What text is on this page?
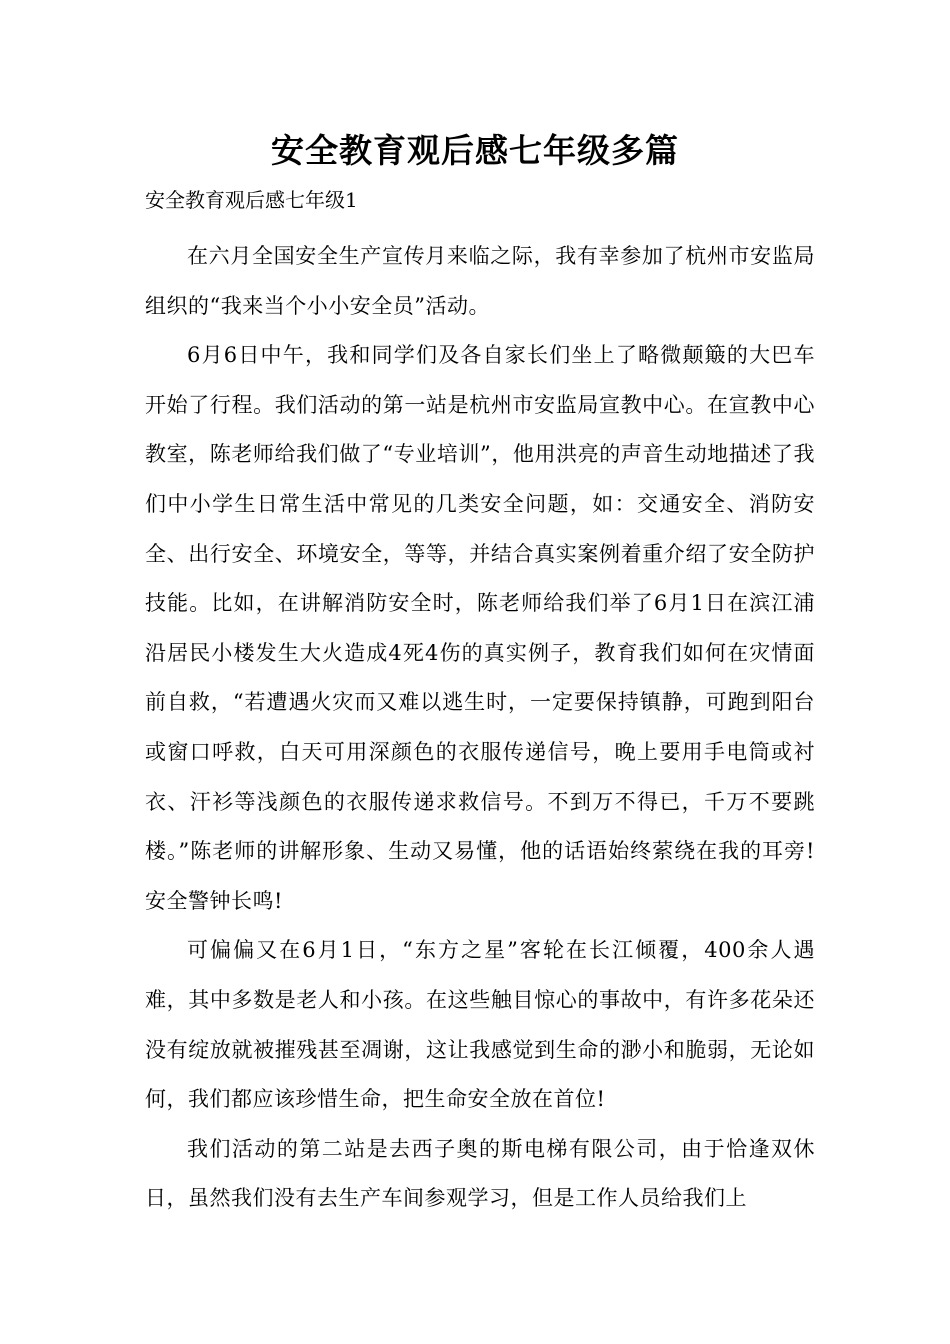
安全教育观后感七年级多篇
安全教育观后感七年级1

在六月全国安全生产宣传月来临之际，我有幸参加了杭州市安监局组织的“我来当个小小安全员”活动。

6月6日中午，我和同学们及各自家长们坐上了略微颠簸的大巴车开始了行程。我们活动的第一站是杭州市安监局宣教中心。在宣教中心教室，陈老师给我们做了“专业培训”，他用洪亮的声音生动地描述了我们中小学生日常生活中常见的几类安全问题，如：交通安全、消防安全、出行安全、环境安全，等等，并结合真实案例着重介绍了安全防护技能。比如，在讲解消防安全时，陈老师给我们举了6月1日在滨江浦沿居民小楼发生大火造成4死4伤的真实例子，教育我们如何在灾情面前自救，“若遭遇火灾而又难以逃生时，一定要保持镇静，可跑到阳台或窗口呼救，白天可用深颜色的衣服传递信号，晚上要用手电筒或衬衣、汗衫等浅颜色的衣服传递求救信号。不到万不得已，千万不要跳楼。”陈老师的讲解形象、生动又易懂，他的话语始终萦绕在我的耳旁!安全警钟长鸣!

可偏偏又在6月1日，“东方之星”客轮在长江倾覆，400余人遇难，其中多数是老人和小孩。在这些触目惊心的事故中，有许多花朵还没有绽放就被摧残甚至凋谢，这让我感觉到生命的渺小和脆弱，无论如何，我们都应该珍惜生命，把生命安全放在首位!

我们活动的第二站是去西子奥的斯电梯有限公司，由于恰逢双休日，虽然我们没有去生产车间参观学习，但是工作人员给我们上
